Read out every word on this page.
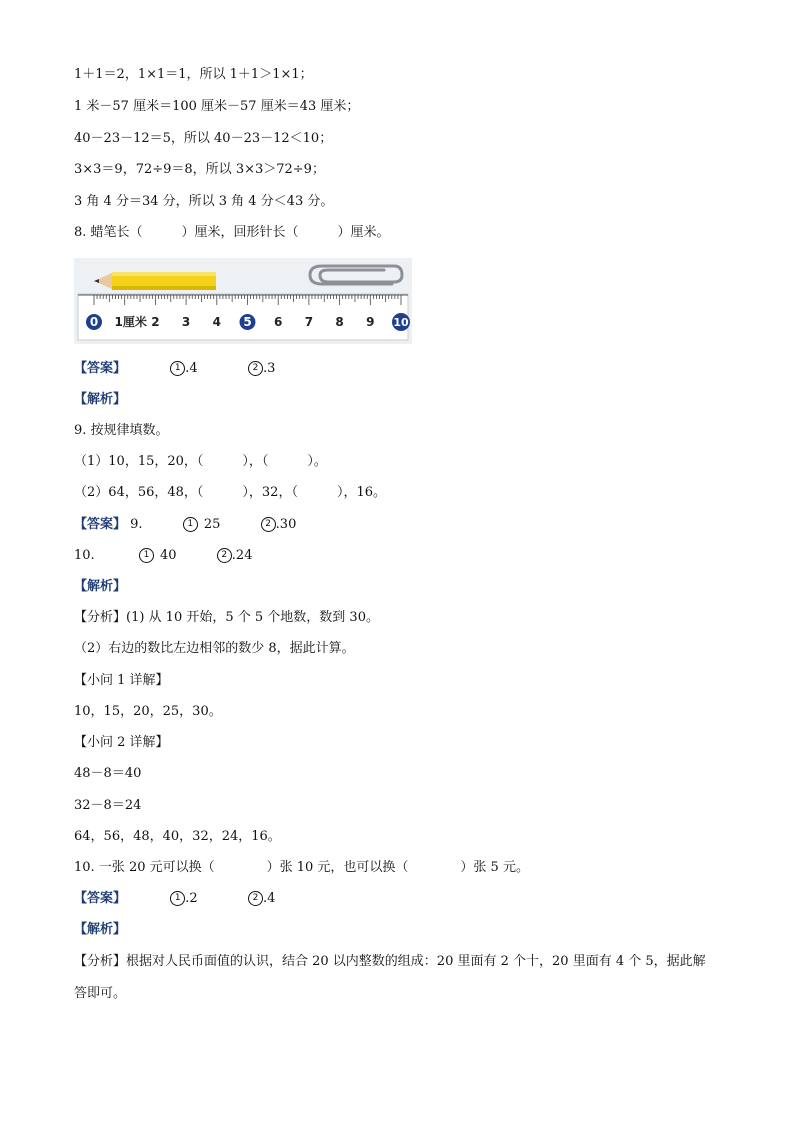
1＋1＝2，1×1＝1，所以 1＋1＞1×1；
1 米－57 厘米＝100 厘米－57 厘米＝43 厘米；
40－23－12＝5，所以 40－23－12＜10；
3×3＝9，72÷9＝8，所以 3×3＞72÷9；
3 角 4 分＝34 分，所以 3 角 4 分＜43 分。
8. 蜡笔长（　　　）厘米，回形针长（　　　）厘米。
0 1厘米 2 3 4 5 6 7 8 9 10
【答案】	1 .4	2 .3
【解析】
9. 按规律填数。
（1）10，15，20，（　　　），（　　　）。
（2）64，56，48，（　　　），32，（　　　），16。
【答案】 9.	1 25	2 .30
10.	1 40	2 .24
【解析】
【分析】(1) 从 10 开始，5 个 5 个地数，数到 30。
（2）右边的数比左边相邻的数少 8，据此计算。
【小问 1 详解】
10，15，20，25，30。
【小问 2 详解】
48－8＝40
32－8＝24
64，56，48，40，32，24，16。
10. 一张 20 元可以换（　　　　）张 10 元，也可以换（　　　　）张 5 元。
【答案】	1 .2	2 .4
【解析】
【分析】根据对人民币面值的认识，结合 20 以内整数的组成：20 里面有 2 个十，20 里面有 4 个 5，据此解
答即可。
